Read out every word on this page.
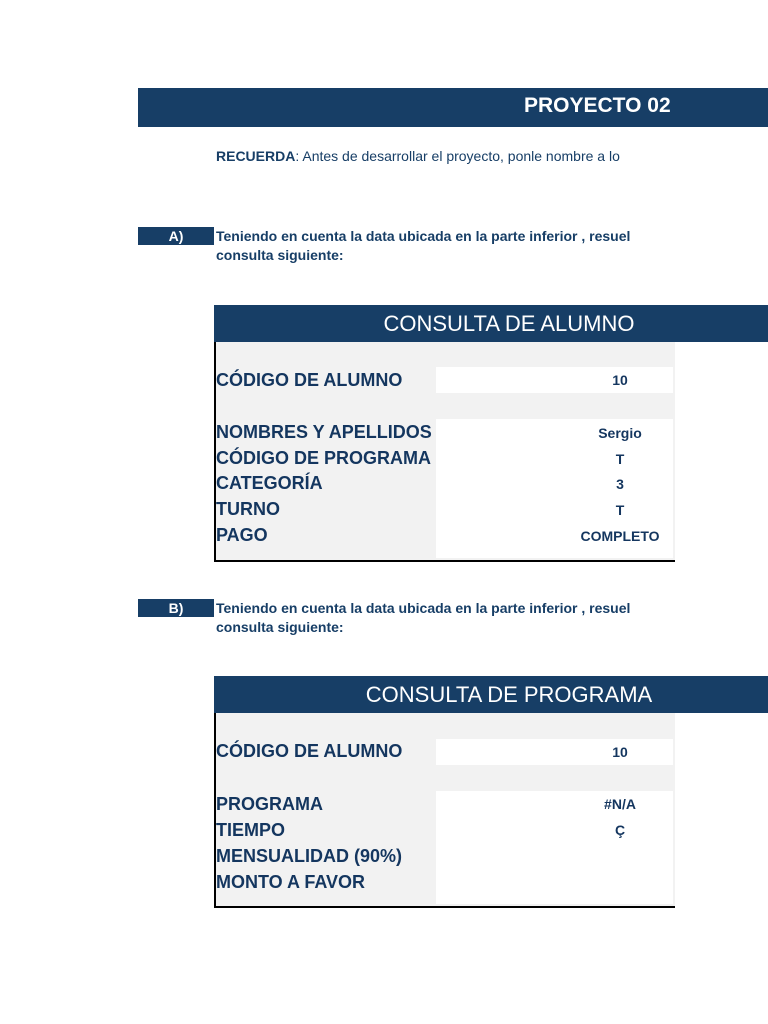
PROYECTO 02
RECUERDA: Antes de desarrollar el proyecto, ponle nombre a lo
A)	Teniendo en cuenta la data ubicada en la parte inferior , resuel
consulta siguiente:
CONSULTA DE ALUMNO
CÓDIGO DE ALUMNO	10
NOMBRES Y APELLIDOS	Sergio
CÓDIGO DE PROGRAMA	T
CATEGORÍA	3
TURNO	T
PAGO	COMPLETO
B)	Teniendo en cuenta la data ubicada en la parte inferior , resuel
consulta siguiente:
CONSULTA DE PROGRAMA
CÓDIGO DE ALUMNO	10
PROGRAMA	#N/A
TIEMPO	Ç
MENSUALIDAD (90%)
MONTO A FAVOR
